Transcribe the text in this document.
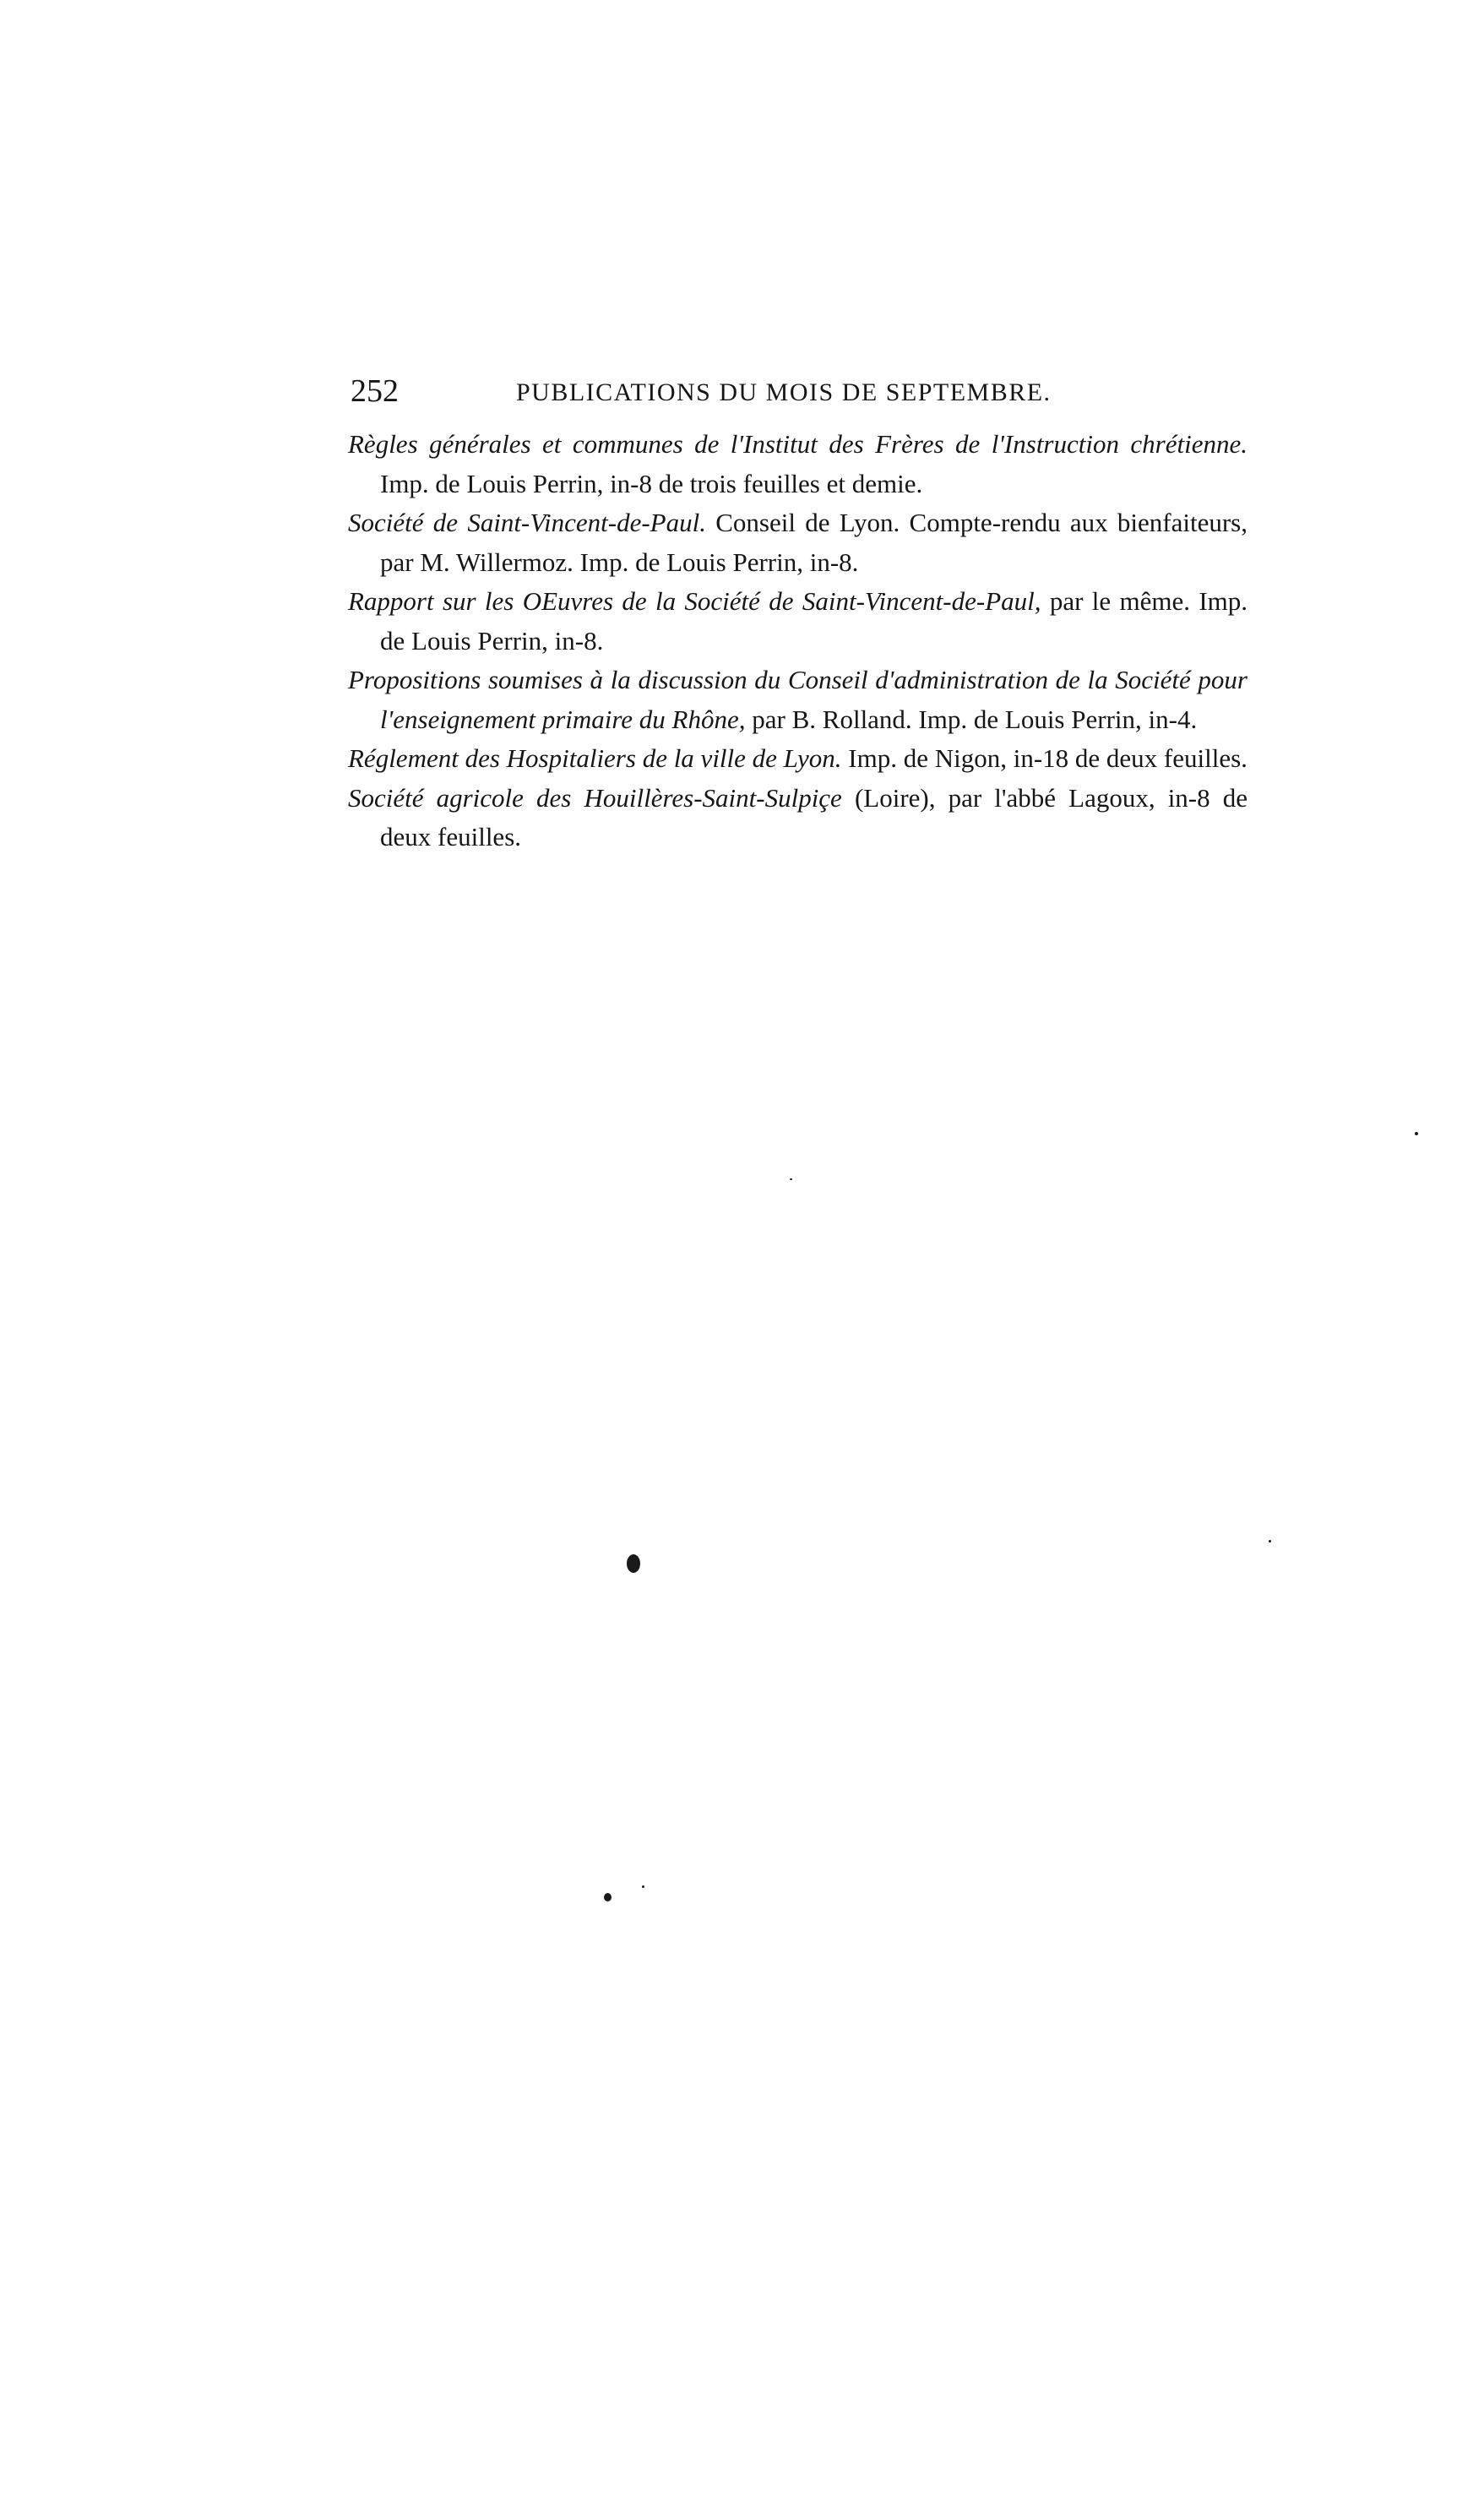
252	PUBLICATIONS DU MOIS DE SEPTEMBRE.

Règles générales et communes de l'Institut des Frères de l'Instruction chrétienne. Imp. de Louis Perrin, in-8 de trois feuilles et demie.

Société de Saint-Vincent-de-Paul. Conseil de Lyon. Compte-rendu aux bienfaiteurs, par M. Willermoz. Imp. de Louis Perrin, in-8.

Rapport sur les OEuvres de la Société de Saint-Vincent-de-Paul, par le même. Imp. de Louis Perrin, in-8.

Propositions soumises à la discussion du Conseil d'administration de la Société pour l'enseignement primaire du Rhône, par B. Rolland. Imp. de Louis Perrin, in-4.

Réglement des Hospitaliers de la ville de Lyon. Imp. de Nigon, in-18 de deux feuilles.

Société agricole des Houillères-Saint-Sulpiçe (Loire), par l'abbé Lagoux, in-8 de deux feuilles.
